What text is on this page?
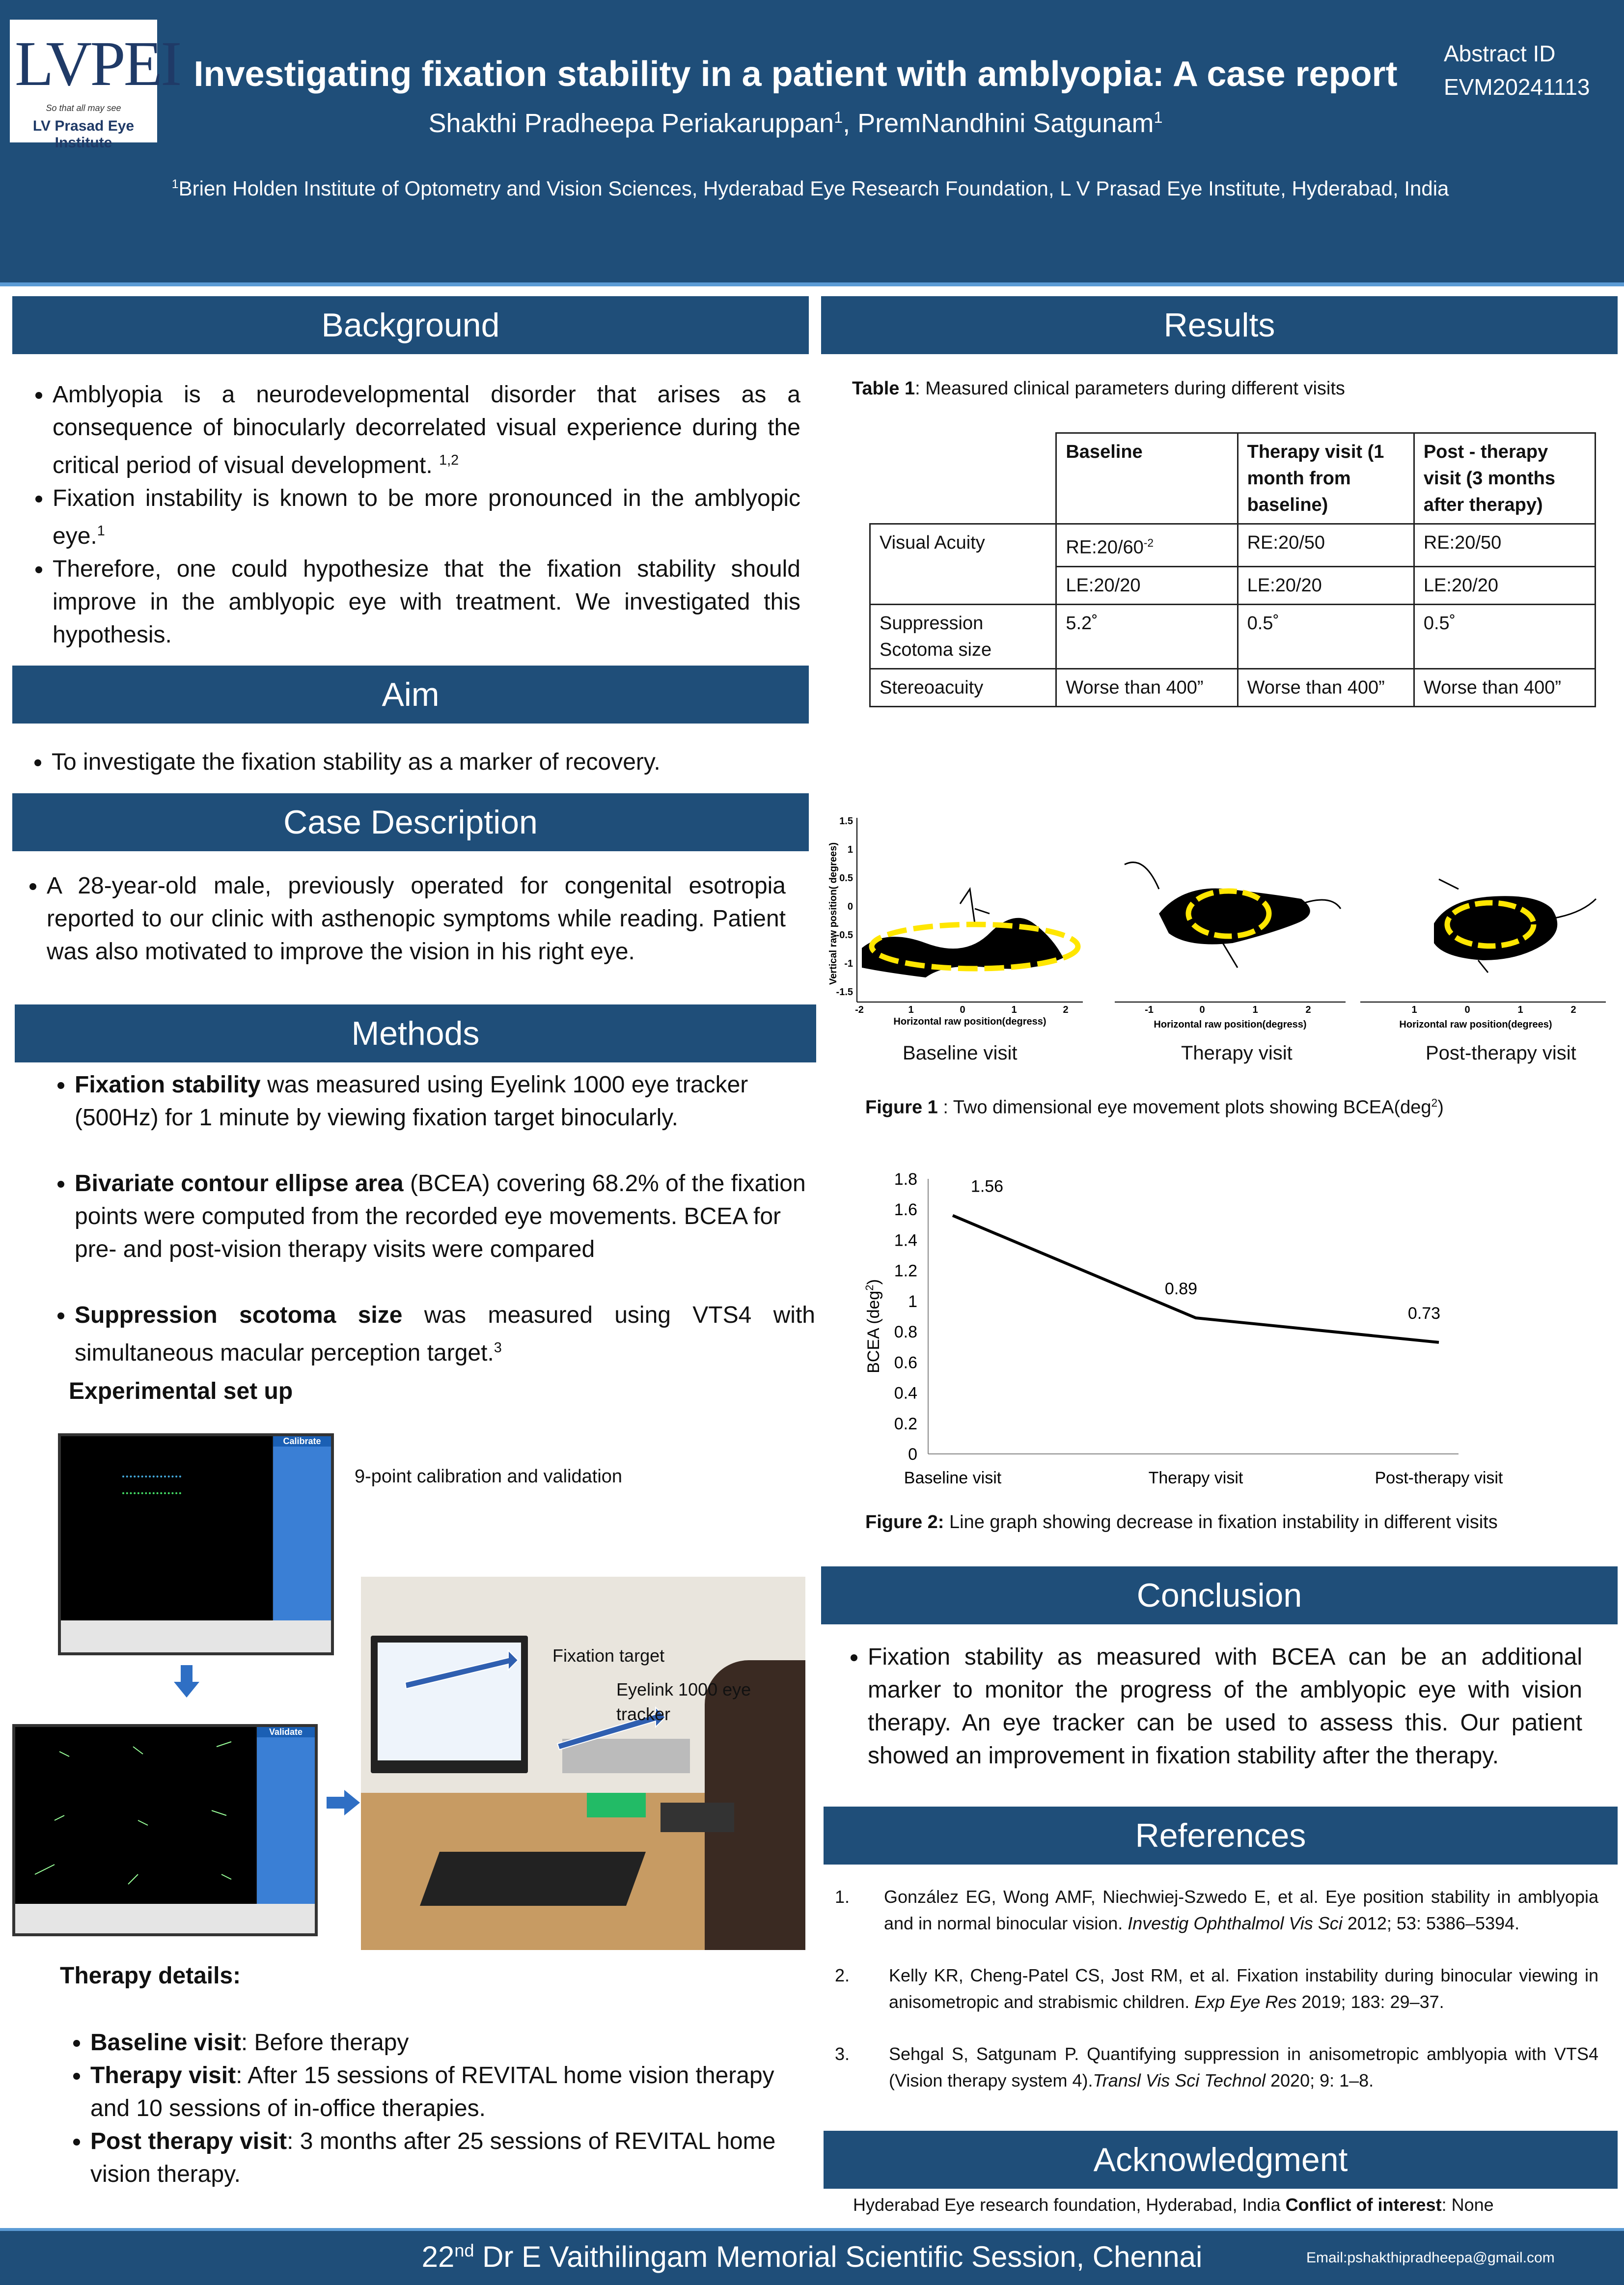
LVPEI
So that all may see
LV Prasad Eye Institute
Investigating fixation stability in a patient with amblyopia: A case report
Shakthi Pradheepa Periakaruppan$^1$, PremNandhini Satgunam$^1$
$^1$Brien Holden Institute of Optometry and Vision Sciences, Hyderabad Eye Research Foundation, L V Prasad Eye Institute, Hyderabad, India
Abstract ID
EVM20241113
Background
• Amblyopia is a neurodevelopmental disorder that arises as a consequence of binocularly decorrelated visual experience during the critical period of visual development. $^{1,2}$
• Fixation instability is known to be more pronounced in the amblyopic eye.$^1$
• Therefore, one could hypothesize that the fixation stability should improve in the amblyopic eye with treatment. We investigated this hypothesis.
Aim
• To investigate the fixation stability as a marker of recovery.
Case Description
• A 28-year-old male, previously operated for congenital esotropia reported to our clinic with asthenopic symptoms while reading. Patient was also motivated to improve the vision in his right eye.
Methods
• Fixation stability was measured using Eyelink 1000 eye tracker (500Hz) for 1 minute by viewing fixation target binocularly.
• Bivariate contour ellipse area (BCEA) covering 68.2% of the fixation points were computed from the recorded eye movements. BCEA for pre- and post-vision therapy visits were compared
• Suppression scotoma size was measured using VTS4 with simultaneous macular perception target.$^3$
Experimental set up
Calibrate
9-point calibration and validation
Validate
Fixation target
Eyelink 1000 eye tracker
Therapy details:
• Baseline visit: Before therapy
• Therapy visit: After 15 sessions of REVITAL home vision therapy and 10 sessions of in-office therapies.
• Post therapy visit: 3 months after 25 sessions of REVITAL home vision therapy.
Results
Table 1: Measured clinical parameters during different visits
	Baseline	Therapy visit (1 month from baseline)	Post - therapy visit (3 months after therapy)
Visual Acuity	$RE:20/60^{-2}$	RE:20/50	RE:20/50
	LE:20/20	LE:20/20	LE:20/20
Suppression Scotoma size	5.2˚	0.5˚	0.5˚
Stereoacuity	Worse than 400”	Worse than 400”	Worse than 400”
1.5
1
0.5
0
-0.5
-1
-1.5
-2	1	0	1	2
Vertical raw position( degrees)
Horizontal raw position(degress)
-1	0	1	2
Horizontal raw position(degress)
1	0	1	2
Horizontal raw position(degrees)
Baseline visit	Therapy visit	Post-therapy visit
Figure 1 : Two dimensional eye movement plots showing BCEA(deg$^2$)
0
0.2
0.4
0.6
0.8
1
1.2
1.4
1.6
1.8
Baseline visit	Therapy visit	Post-therapy visit
1.56
0.89
0.73
BCEA (deg$^2$)
Figure 2: Line graph showing decrease in fixation instability in different visits
Conclusion
• Fixation stability as measured with BCEA can be an additional marker to monitor the progress of the amblyopic eye with vision therapy. An eye tracker can be used to assess this. Our patient showed an improvement in fixation stability after the therapy.
References
1.	González EG, Wong AMF, Niechwiej-Szwedo E, et al. Eye position stability in amblyopia and in normal binocular vision. Investig Ophthalmol Vis Sci 2012; 53: 5386–5394.
2.	Kelly KR, Cheng-Patel CS, Jost RM, et al. Fixation instability during binocular viewing in anisometropic and strabismic children. Exp Eye Res 2019; 183: 29–37.
3.	Sehgal S, Satgunam P. Quantifying suppression in anisometropic amblyopia with VTS4 (Vision therapy system 4).Transl Vis Sci Technol 2020; 9: 1–8.
Acknowledgment
Hyderabad Eye research foundation, Hyderabad, India Conflict of interest: None
22nd Dr E Vaithilingam Memorial Scientific Session, Chennai	Email:pshakthipradheepa@gmail.com
